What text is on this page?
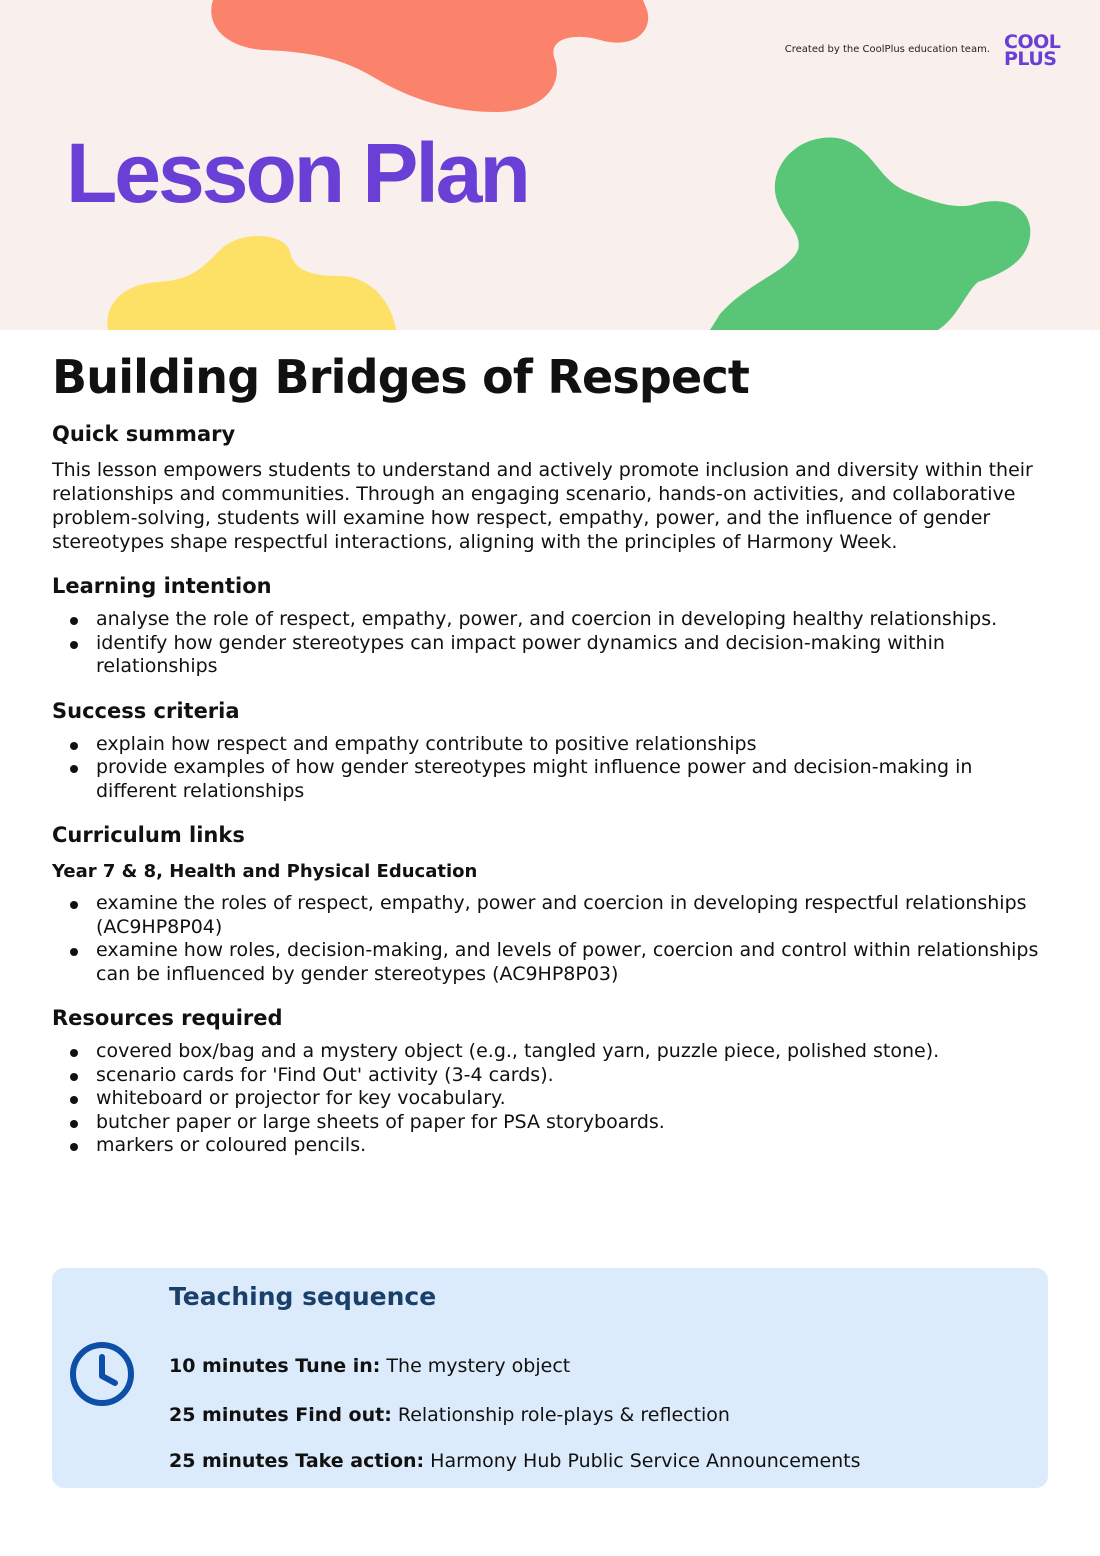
Created by the CoolPlus education team. COOL
PLUS
Lesson Plan
Building Bridges of Respect
Quick summary

This lesson empowers students to understand and actively promote inclusion and diversity within their relationships and communities. Through an engaging scenario, hands-on activities, and collaborative problem-solving, students will examine how respect, empathy, power, and the influence of gender stereotypes shape respectful interactions, aligning with the principles of Harmony Week.

Learning intention
analyse the role of respect, empathy, power, and coercion in developing healthy relationships.
identify how gender stereotypes can impact power dynamics and decision-making within relationships
Success criteria
explain how respect and empathy contribute to positive relationships
provide examples of how gender stereotypes might influence power and decision-making in different relationships
Curriculum links
Year 7 & 8, Health and Physical Education
examine the roles of respect, empathy, power and coercion in developing respectful relationships (AC9HP8P04)
examine how roles, decision-making, and levels of power, coercion and control within relationships can be influenced by gender stereotypes (AC9HP8P03)
Resources required
covered box/bag and a mystery object (e.g., tangled yarn, puzzle piece, polished stone).
scenario cards for 'Find Out' activity (3-4 cards).
whiteboard or projector for key vocabulary.
butcher paper or large sheets of paper for PSA storyboards.
markers or coloured pencils.
Teaching sequence
10 minutes Tune in: The mystery object
25 minutes Find out: Relationship role-plays & reflection
25 minutes Take action: Harmony Hub Public Service Announcements
